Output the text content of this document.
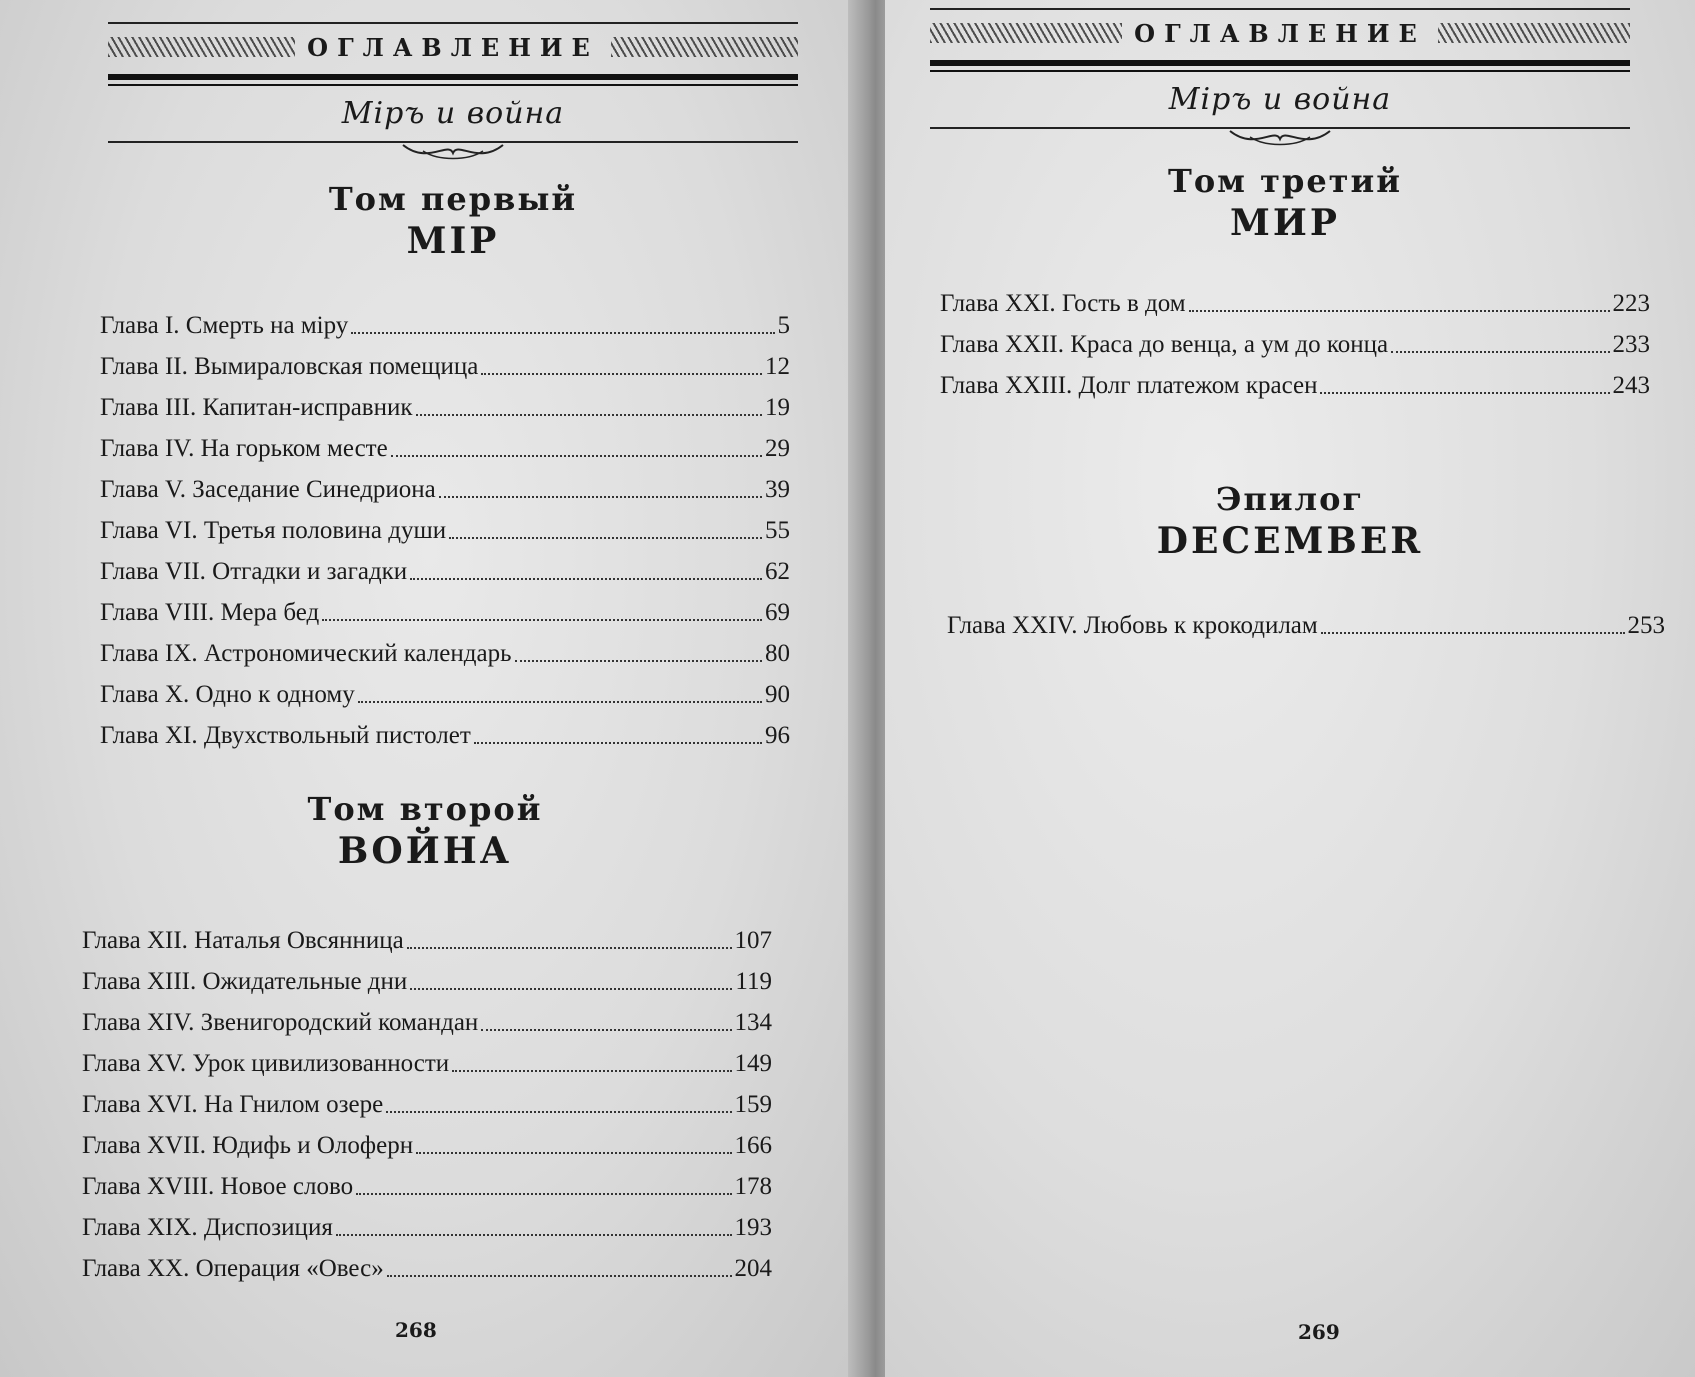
ОГЛАВЛЕНИЕ
Міръ и война
Том первый
МІР
Глава I. Смерть на міру	5
Глава II. Вымираловская помещица	12
Глава III. Капитан-исправник	19
Глава IV. На горьком месте	29
Глава V. Заседание Синедриона	39
Глава VI. Третья половина души	55
Глава VII. Отгадки и загадки	62
Глава VIII. Мера бед	69
Глава IX. Астрономический календарь	80
Глава X. Одно к одному	90
Глава XI. Двухствольный пистолет	96
Том второй
ВОЙНА
Глава XII. Наталья Овсянница	107
Глава XIII. Ожидательные дни	119
Глава XIV. Звенигородский командан	134
Глава XV. Урок цивилизованности	149
Глава XVI. На Гнилом озере	159
Глава XVII. Юдифь и Олоферн	166
Глава XVIII. Новое слово	178
Глава XIX. Диспозиция	193
Глава XX. Операция «Овес»	204
268
ОГЛАВЛЕНИЕ
Міръ и война
Том третий
МИР
Глава XXI. Гость в дом	223
Глава XXII. Краса до венца, а ум до конца	233
Глава XXIII. Долг платежом красен	243
Эпилог
DECEMBER
Глава XXIV. Любовь к крокодилам	253
269
